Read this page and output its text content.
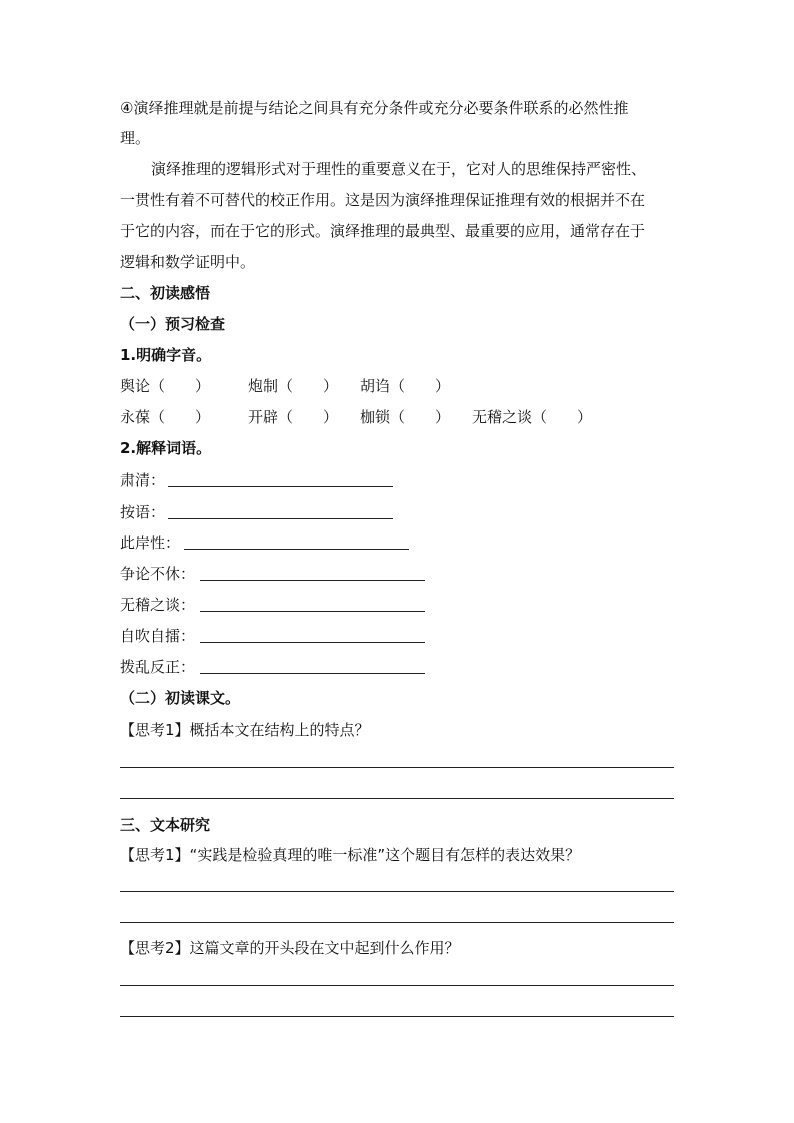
④演绎推理就是前提与结论之间具有充分条件或充分必要条件联系的必然性推
理。
演绎推理的逻辑形式对于理性的重要意义在于，它对人的思维保持严密性、
一贯性有着不可替代的校正作用。这是因为演绎推理保证推理有效的根据并不在
于它的内容，而在于它的形式。演绎推理的最典型、最重要的应用，通常存在于
逻辑和数学证明中。
二、初读感悟
（一）预习检查
1.明确字音。
舆论（　　）	炮制（　　） 胡诌（　　）
永葆（　　）	开辟（　　） 枷锁（　　） 无稽之谈（　　）
2.解释词语。
肃清：
按语：
此岸性：
争论不休：
无稽之谈：
自吹自擂：
拨乱反正：
（二）初读课文。
【思考1】概括本文在结构上的特点？
三、文本研究
【思考1】“实践是检验真理的唯一标准”这个题目有怎样的表达效果？
【思考2】这篇文章的开头段在文中起到什么作用？
